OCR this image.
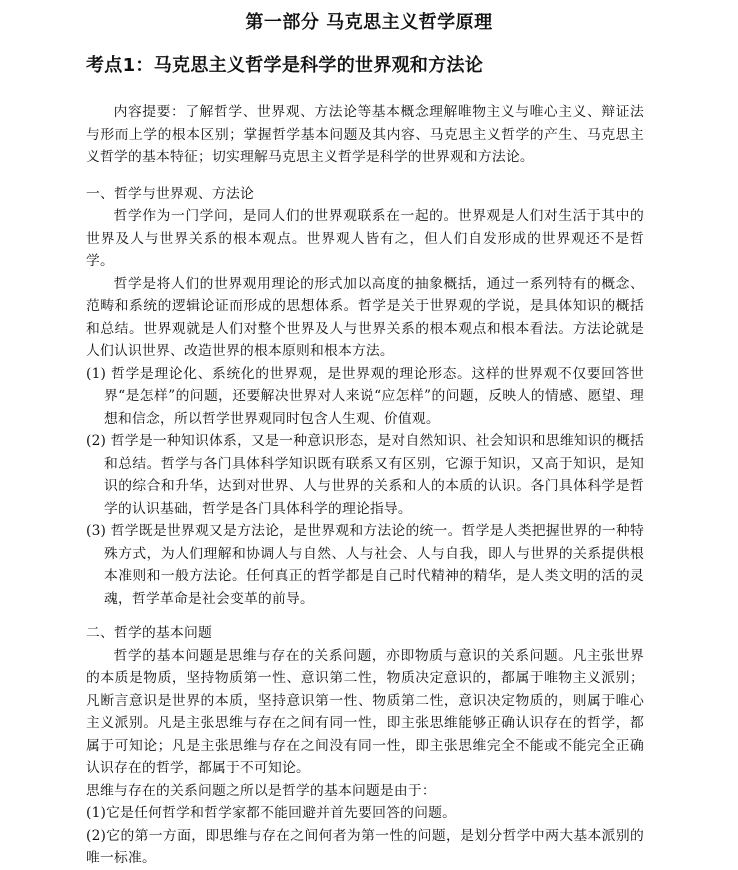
第一部分 马克思主义哲学原理
考点1：马克思主义哲学是科学的世界观和方法论

内容提要：了解哲学、世界观、方法论等基本概念理解唯物主义与唯心主义、辩证法与形而上学的根本区别；掌握哲学基本问题及其内容、马克思主义哲学的产生、马克思主义哲学的基本特征；切实理解马克思主义哲学是科学的世界观和方法论。

一、哲学与世界观、方法论

哲学作为一门学问，是同人们的世界观联系在一起的。世界观是人们对生活于其中的世界及人与世界关系的根本观点。世界观人皆有之，但人们自发形成的世界观还不是哲学。

哲学是将人们的世界观用理论的形式加以高度的抽象概括，通过一系列特有的概念、范畴和系统的逻辑论证而形成的思想体系。哲学是关于世界观的学说，是具体知识的概括和总结。世界观就是人们对整个世界及人与世界关系的根本观点和根本看法。方法论就是人们认识世界、改造世界的根本原则和根本方法。

(1) 哲学是理论化、系统化的世界观，是世界观的理论形态。这样的世界观不仅要回答世界“是怎样”的问题，还要解决世界对人来说“应怎样”的问题，反映人的情感、愿望、理想和信念，所以哲学世界观同时包含人生观、价值观。

(2) 哲学是一种知识体系，又是一种意识形态，是对自然知识、社会知识和思维知识的概括和总结。哲学与各门具体科学知识既有联系又有区别，它源于知识，又高于知识，是知识的综合和升华，达到对世界、人与世界的关系和人的本质的认识。各门具体科学是哲学的认识基础，哲学是各门具体科学的理论指导。

(3) 哲学既是世界观又是方法论，是世界观和方法论的统一。哲学是人类把握世界的一种特殊方式，为人们理解和协调人与自然、人与社会、人与自我，即人与世界的关系提供根本准则和一般方法论。任何真正的哲学都是自己时代精神的精华，是人类文明的活的灵魂，哲学革命是社会变革的前导。

二、哲学的基本问题

哲学的基本问题是思维与存在的关系问题，亦即物质与意识的关系问题。凡主张世界的本质是物质，坚持物质第一性、意识第二性，物质决定意识的，都属于唯物主义派别；凡断言意识是世界的本质，坚持意识第一性、物质第二性，意识决定物质的，则属于唯心主义派别。凡是主张思维与存在之间有同一性，即主张思维能够正确认识存在的哲学，都属于可知论；凡是主张思维与存在之间没有同一性，即主张思维完全不能或不能完全正确认识存在的哲学，都属于不可知论。

思维与存在的关系问题之所以是哲学的基本问题是由于：

(1)它是任何哲学和哲学家都不能回避并首先要回答的问题。

(2)它的第一方面，即思维与存在之间何者为第一性的问题，是划分哲学中两大基本派别的唯一标准。
